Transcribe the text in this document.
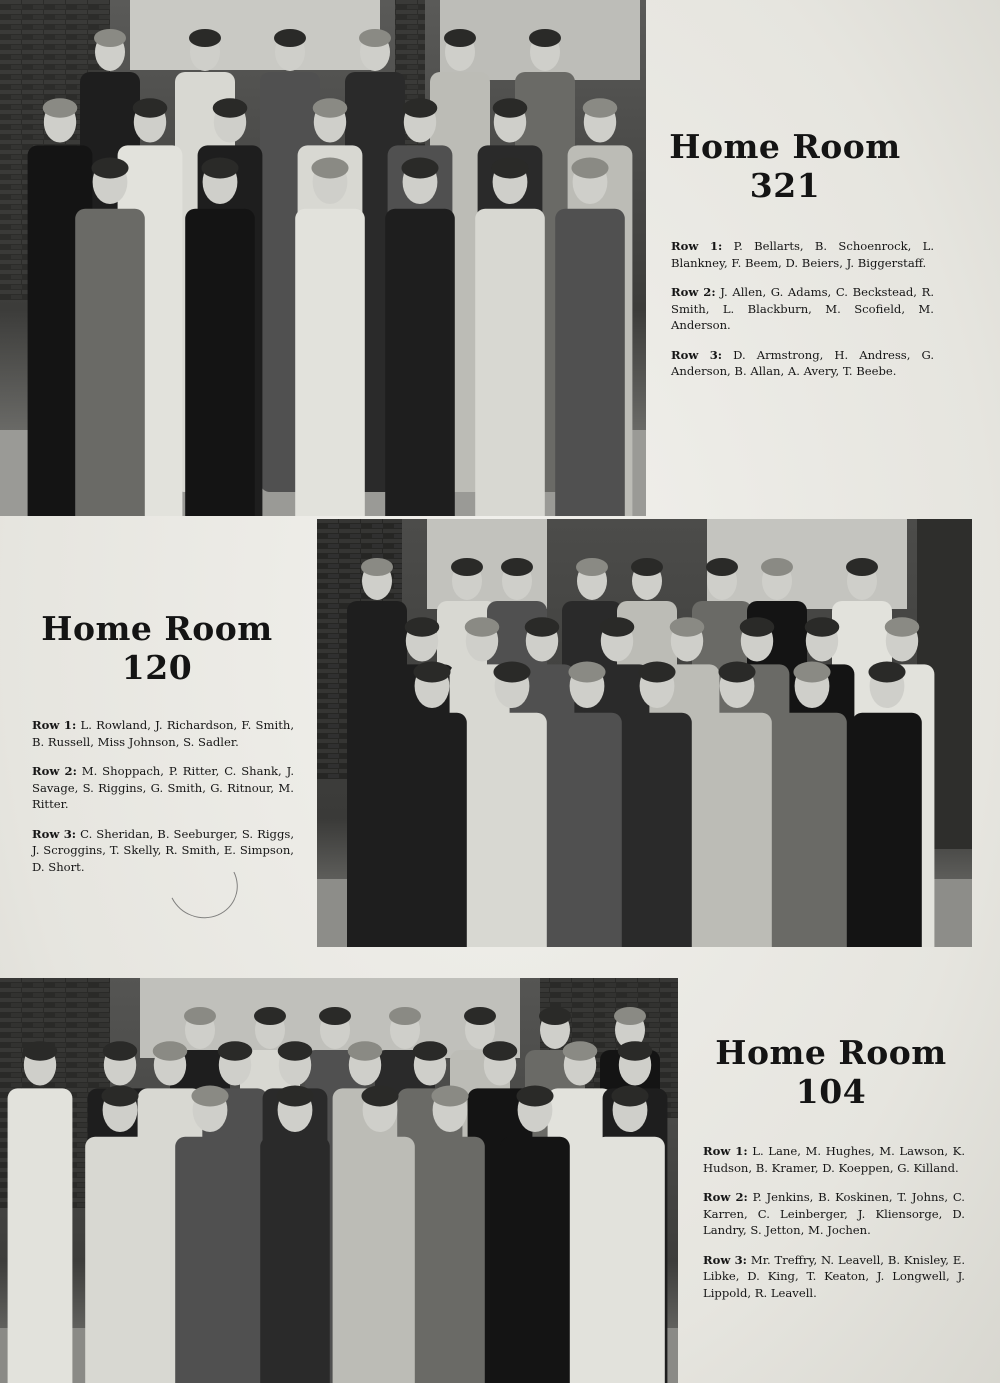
Home Room
321

Row 1: P. Bellarts, B. Schoenrock, L. Blankney, F. Beem, D. Beiers, J. Biggerstaff.

Row 2: J. Allen, G. Adams, C. Beckstead, R. Smith, L. Blackburn, M. Scofield, M. Anderson.

Row 3: D. Armstrong, H. Andress, G. Anderson, B. Allan, A. Avery, T. Beebe.

Home Room
120

Row 1: L. Rowland, J. Richardson, F. Smith, B. Russell, Miss Johnson, S. Sadler.

Row 2: M. Shoppach, P. Ritter, C. Shank, J. Savage, S. Riggins, G. Smith, G. Ritnour, M. Ritter.

Row 3: C. Sheridan, B. Seeburger, S. Riggs, J. Scroggins, T. Skelly, R. Smith, E. Simpson, D. Short.

Home Room
104

Row 1: L. Lane, M. Hughes, M. Lawson, K. Hudson, B. Kramer, D. Koeppen, G. Killand.

Row 2: P. Jenkins, B. Koskinen, T. Johns, C. Karren, C. Leinberger, J. Kliensorge, D. Landry, S. Jetton, M. Jochen.

Row 3: Mr. Treffry, N. Leavell, B. Knisley, E. Libke, D. King, T. Keaton, J. Longwell, J. Lippold, R. Leavell.
